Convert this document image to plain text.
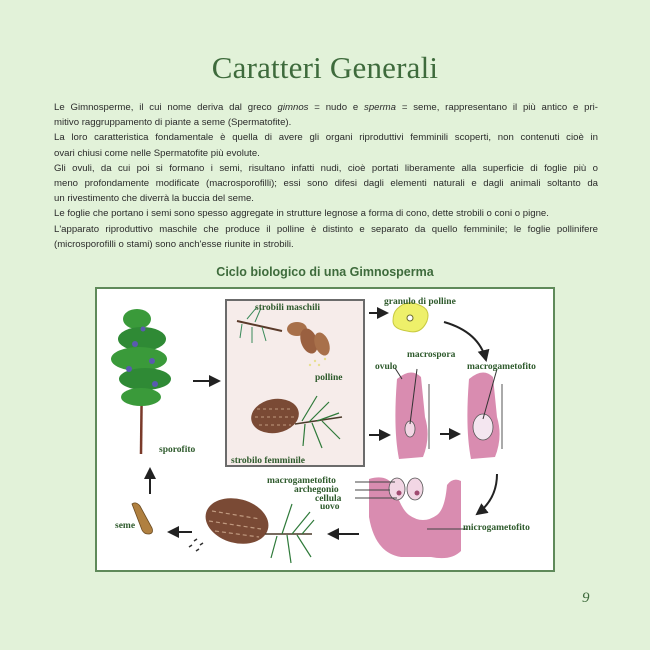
Caratteri Generali
Le Gimnosperme, il cui nome deriva dal greco gimnos = nudo e sperma = seme, rappresentano il più antico e pri-
mitivo raggruppamento di piante a seme (Spermatofite).
La loro caratteristica fondamentale è quella di avere gli organi riproduttivi femminili scoperti, non contenuti cioè in
ovari chiusi come nelle Spermatofite più evolute.
Gli ovuli, da cui poi si formano i semi, risultano infatti nudi, cioè portati liberamente alla superficie di foglie più o
meno profondamente modificate (macrosporofilli); essi sono difesi dagli elementi naturali e dagli animali soltanto da
un rivestimento che diverrà la buccia del seme.
Le foglie che portano i semi sono spesso aggregate in strutture legnose a forma di cono, dette strobili o coni o pigne.
L'apparato riproduttivo maschile che produce il polline è distinto e separato da quello femminile; le foglie pollinifere
(microsporofilli o stami) sono anch'esse riunite in strobili.
Ciclo biologico di una Gimnosperma
strobili maschili
polline
strobilo femminile
granulo di polline
macrospora
ovulo	macrogametofito
sporofito
seme
macrogametofito
archegonio
cellula
uovo
microgametofito
9
